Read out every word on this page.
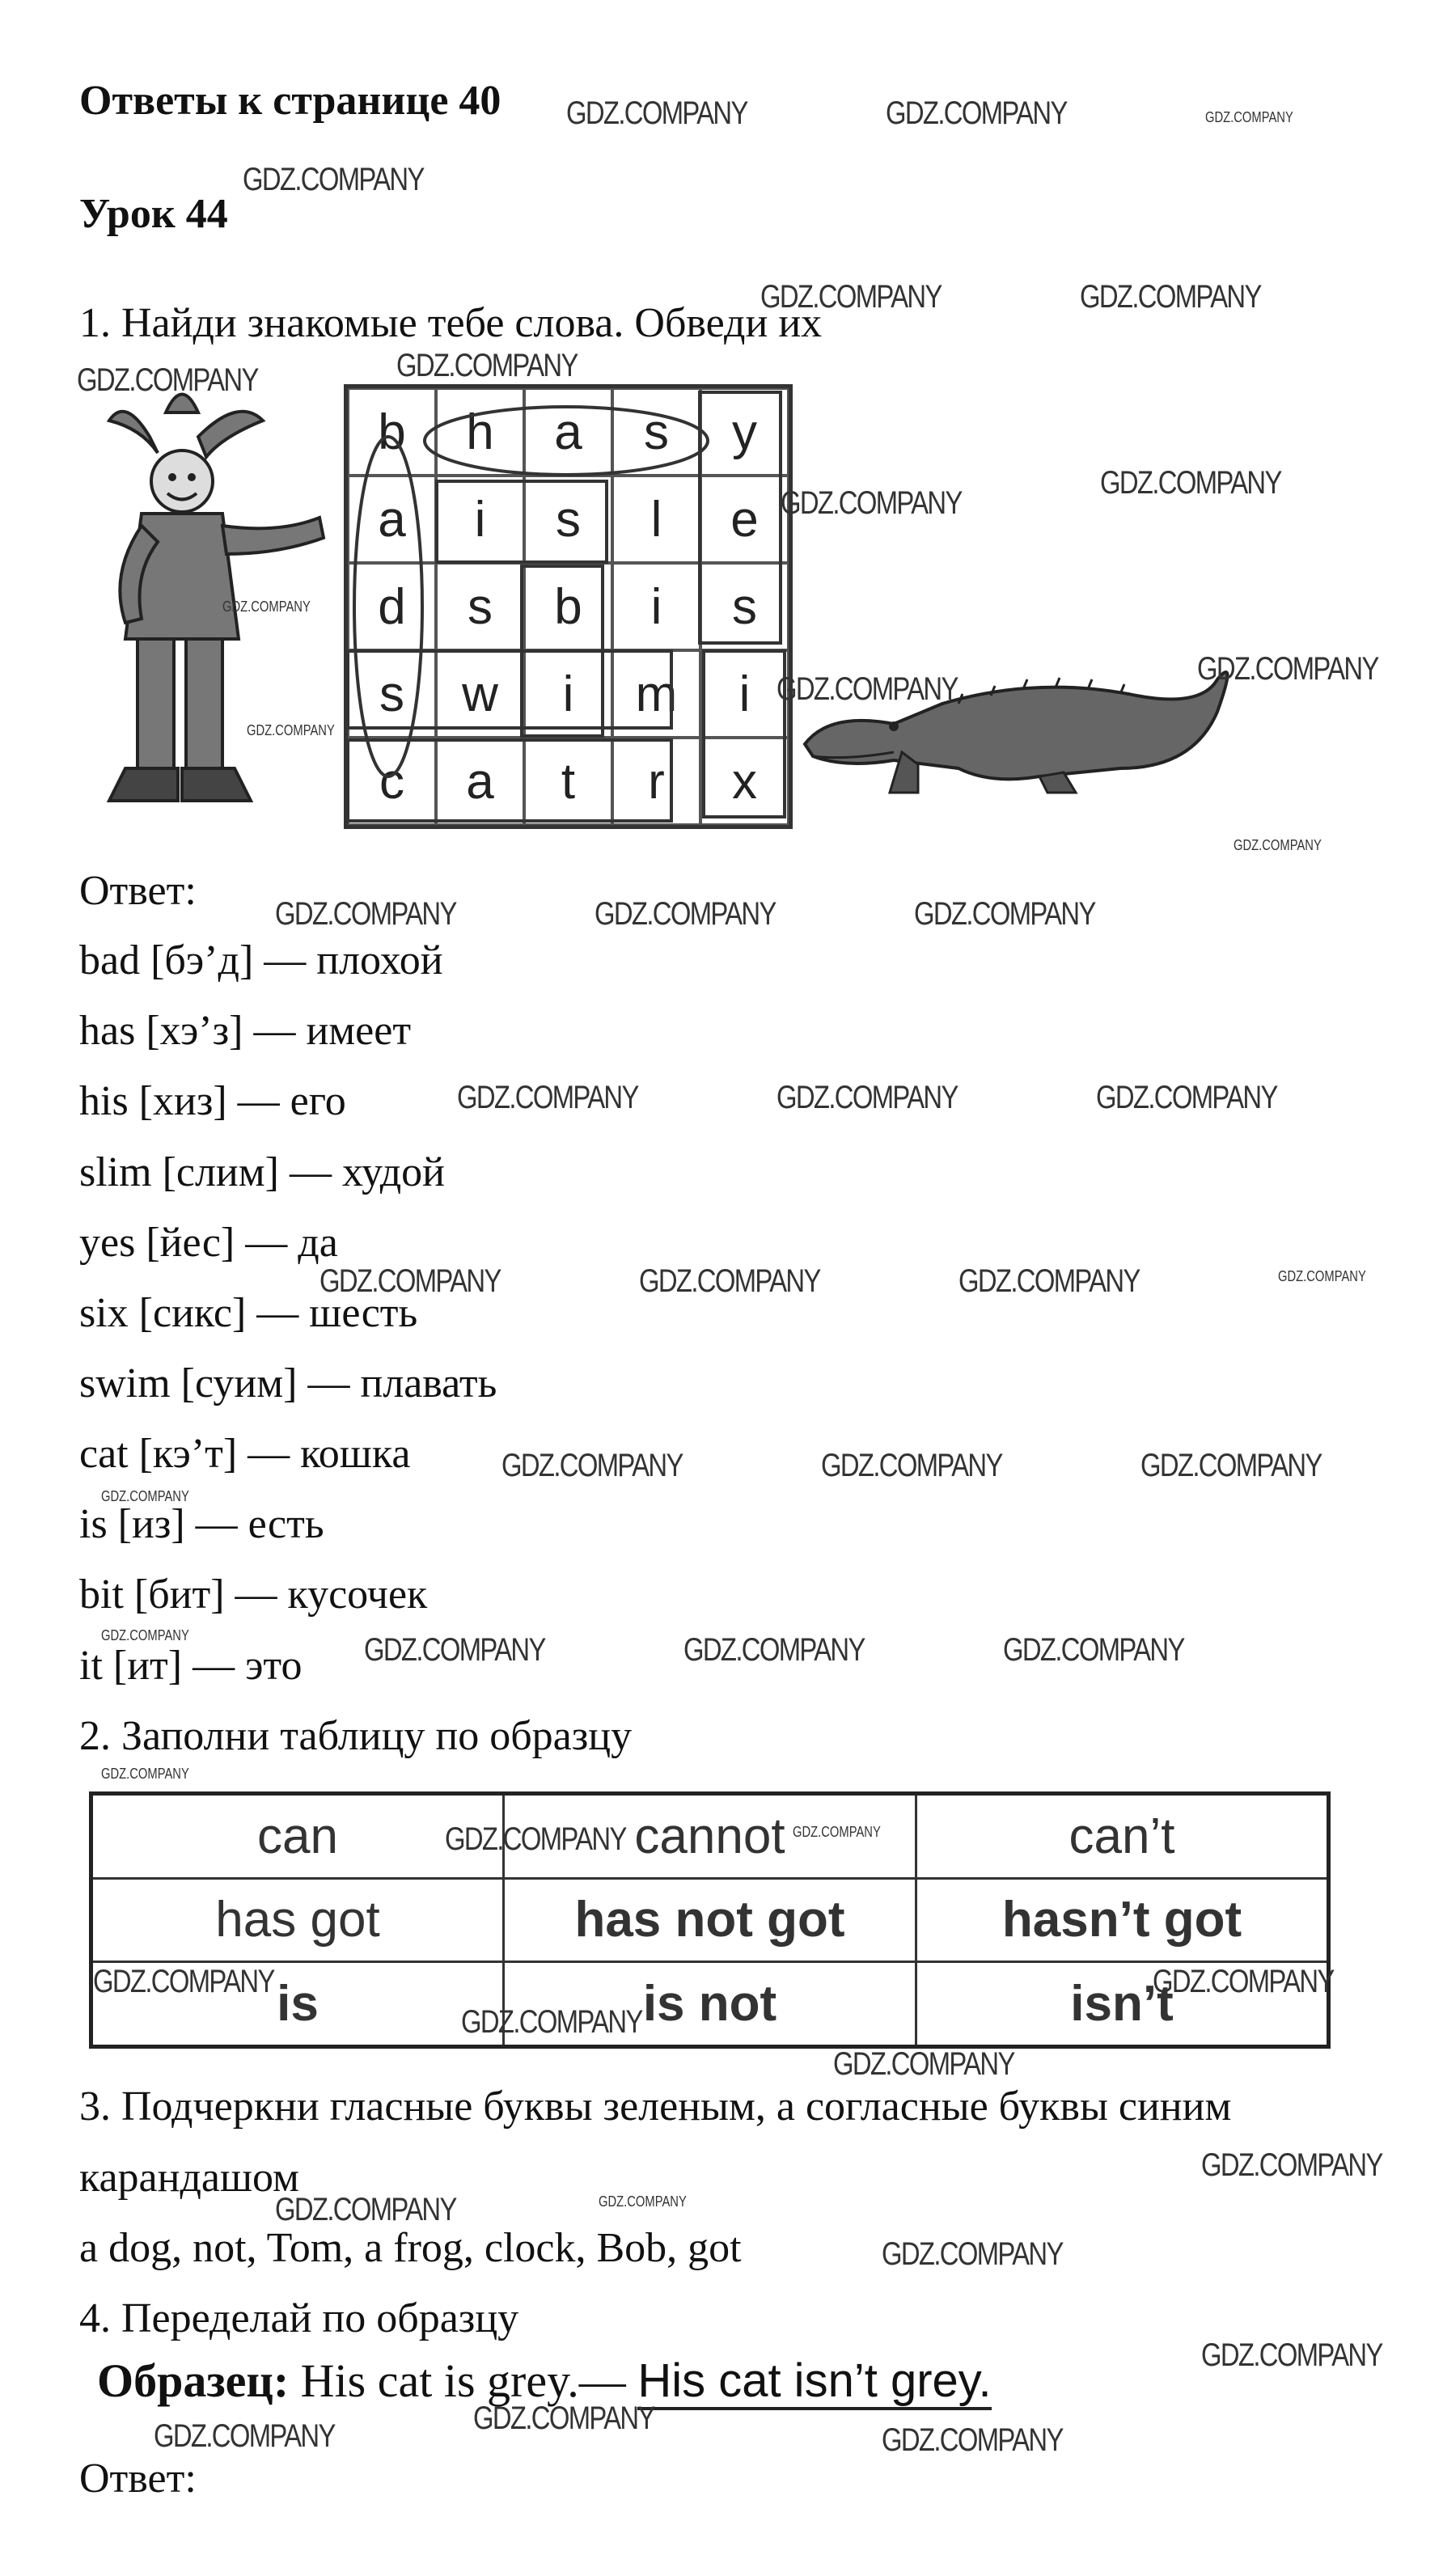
Ответы к странице 40
Урок 44
1. Найди знакомые тебе слова. Обведи их
b	h	a	s	y
a	i	s	l	e
d	s	b	i	s
s	w	i	m	i
c	a	t	r	x
Ответ:
bad [бэ’д] — плохой
has [хэ’з] — имеет
his [хиз] — его
slim [слим] — худой
yes [йес] — да
six [сикс] — шесть
swim [суим] — плавать
cat [кэ’т] — кошка
is [из] — есть
bit [бит] — кусочек
it [ит] — это
2. Заполни таблицу по образцу
can	cannot	can’t
has got	has not got	hasn’t got
is	is not	isn’t
3. Подчеркни гласные буквы зеленым, а согласные буквы синим
карандашом
a dog, not, Tom, a frog, clock, Bob, got
4. Переделай по образцу
Образец: His cat is grey.— His cat isn’t grey.
Ответ:
GDZ.COMPANY	GDZ.COMPANY	GDZ.COMPANY
GDZ.COMPANY
GDZ.COMPANY	GDZ.COMPANY
GDZ.COMPANY
GDZ.COMPANY
GDZ.COMPANY
GDZ.COMPANY
GDZ.COMPANY
GDZ.COMPANY
GDZ.COMPANY
GDZ.COMPANY
GDZ.COMPANY
GDZ.COMPANY	GDZ.COMPANY	GDZ.COMPANY
GDZ.COMPANY	GDZ.COMPANY	GDZ.COMPANY
GDZ.COMPANY	GDZ.COMPANY	GDZ.COMPANY	GDZ.COMPANY
GDZ.COMPANY	GDZ.COMPANY	GDZ.COMPANY
GDZ.COMPANY
GDZ.COMPANY	GDZ.COMPANY	GDZ.COMPANY
GDZ.COMPANY
GDZ.COMPANY
GDZ.COMPANY	GDZ.COMPANY
GDZ.COMPANY	GDZ.COMPANY
GDZ.COMPANY
GDZ.COMPANY
GDZ.COMPANY
GDZ.COMPANY	GDZ.COMPANY
GDZ.COMPANY
GDZ.COMPANY
GDZ.COMPANY	GDZ.COMPANY
GDZ.COMPANY
